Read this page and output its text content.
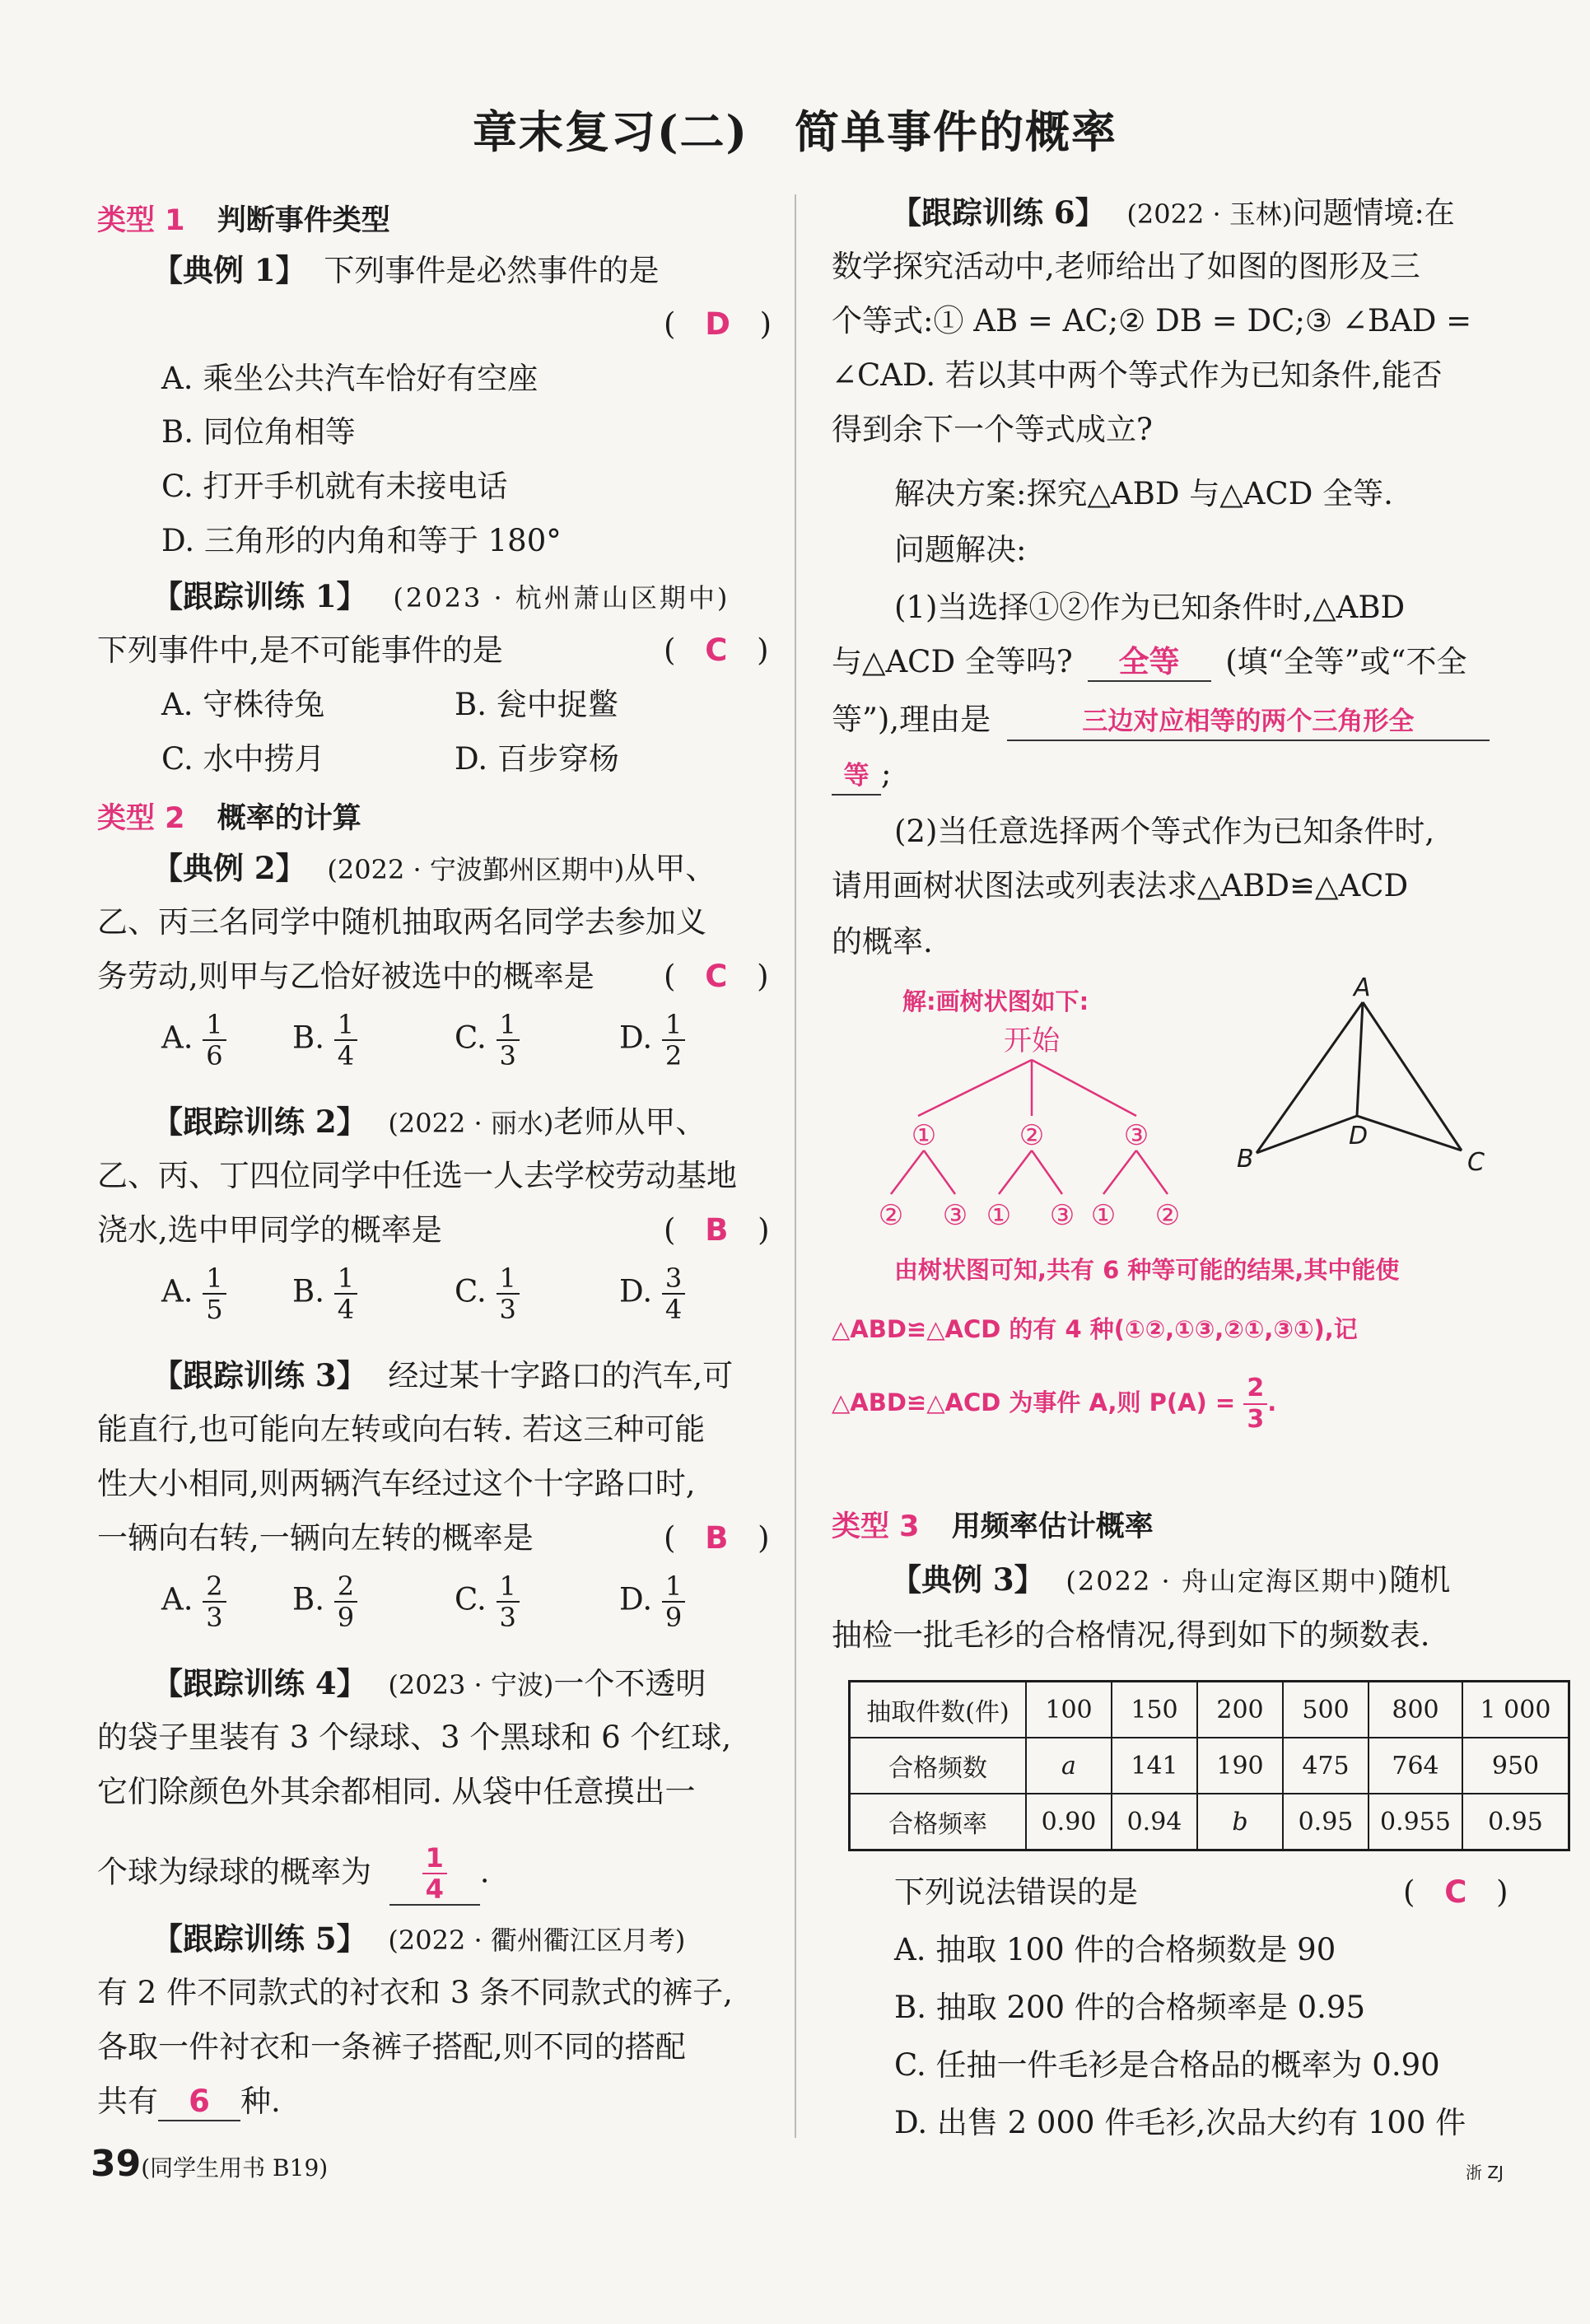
章末复习(二)　简单事件的概率
类型 1 判断事件类型
【典例 1】 下列事件是必然事件的是
( D )
A. 乘坐公共汽车恰好有空座
B. 同位角相等
C. 打开手机就有未接电话
D. 三角形的内角和等于 180°
【跟踪训练 1】 (2023 · 杭州萧山区期中)
下列事件中,是不可能事件的是	( C )
A. 守株待兔	B. 瓮中捉鳖
C. 水中捞月	D. 百步穿杨
类型 2 概率的计算
【典例 2】 (2022 · 宁波鄞州区期中)从甲、
乙、丙三名同学中随机抽取两名同学去参加义
务劳动,则甲与乙恰好被选中的概率是 ( C )
A. $\frac{1}{6} B$. $\frac{1}{4}$	C. $\frac{1}{3}$	D. $\frac{1}{2}$
【跟踪训练 2】 (2022 · 丽水)老师从甲、
乙、丙、丁四位同学中任选一人去学校劳动基地
浇水,选中甲同学的概率是	( B )
A. $\frac{1}{5} B$. $\frac{1}{4}$	C. $\frac{1}{3}$	D. $\frac{3}{4}$
【跟踪训练 3】 经过某十字路口的汽车,可
能直行,也可能向左转或向右转. 若这三种可能
性大小相同,则两辆汽车经过这个十字路口时,
一辆向右转,一辆向左转的概率是	( B )
A. $\frac{2}{3} B$. $\frac{2}{9}$	C. $\frac{1}{3}$	D. $\frac{1}{9}$
【跟踪训练 4】 (2023 · 宁波)一个不透明
的袋子里装有 3 个绿球、3 个黑球和 6 个红球,
它们除颜色外其余都相同. 从袋中任意摸出一
个球为绿球的概率为 $\frac{1}{4}$ .
【跟踪训练 5】 (2022 · 衢州衢江区月考)
有 2 件不同款式的衬衣和 3 条不同款式的裤子,
各取一件衬衣和一条裤子搭配,则不同的搭配
共有 6 种.
【跟踪训练 6】 (2022 · 玉林)问题情境:在
数学探究活动中,老师给出了如图的图形及三
个等式:① AB = AC;② DB = DC;③ ∠BAD =
∠CAD. 若以其中两个等式作为已知条件,能否
得到余下一个等式成立?
解决方案:探究△ABD 与△ACD 全等.
问题解决:
(1)当选择①②作为已知条件时,△ABD
与△ACD 全等吗? 全等 (填“全等”或“不全
等”),理由是	三边对应相等的两个三角形全
等 ;
(2)当任意选择两个等式作为已知条件时,
请用画树状图法或列表法求△ABD≌△ACD
的概率.
解:画树状图如下:
开始
①	②	③
② ③ ① ③ ① ②
A
B	C
D
由树状图可知,共有 6 种等可能的结果,其中能使
△ABD≌△ACD 的有 4 种(①②,①③,②①,③①),记
△ABD≌△ACD 为事件 A,则 $P(A) = \frac{2}{3}$ .
类型 3 用频率估计概率
【典例 3】 (2022 · 舟山定海区期中)随机
抽检一批毛衫的合格情况,得到如下的频数表.
抽取件数(件)	100	150	200	500	800	1 000
合格频数	a	141	190	475	764	950
合格频率	0.90	0.94	b	0.95	0.955	0.95
下列说法错误的是	( C )
A. 抽取 100 件的合格频数是 90
B. 抽取 200 件的合格频率是 0.95
C. 任抽一件毛衫是合格品的概率为 0.90
D. 出售 2 000 件毛衫,次品大约有 100 件
39(同学生用书 B19)	浙 ZJ
